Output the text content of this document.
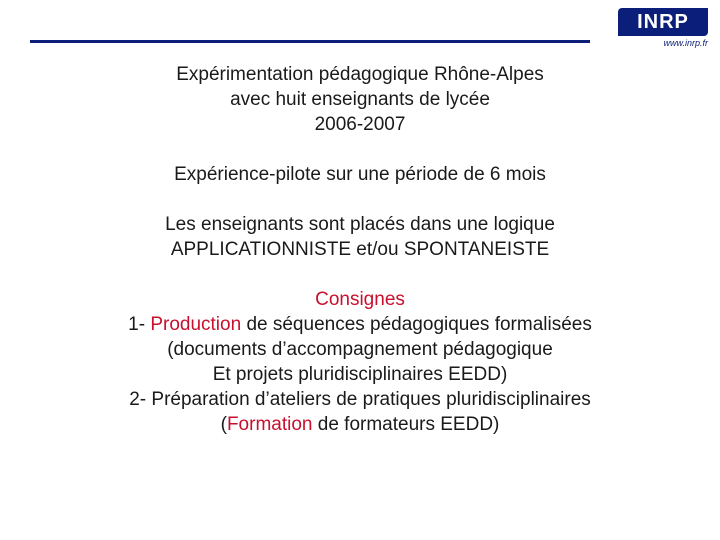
INRP
www.inrp.fr

Expérimentation pédagogique Rhône-Alpes

avec huit enseignants de lycée

2006-2007

Expérience-pilote sur une période de 6 mois

Les enseignants sont placés dans une logique

APPLICATIONNISTE et/ou SPONTANEISTE

Consignes

1- Production de séquences pédagogiques formalisées

(documents d’accompagnement pédagogique

Et projets pluridisciplinaires EEDD)

2- Préparation d’ateliers de pratiques pluridisciplinaires

(Formation de formateurs EEDD)
